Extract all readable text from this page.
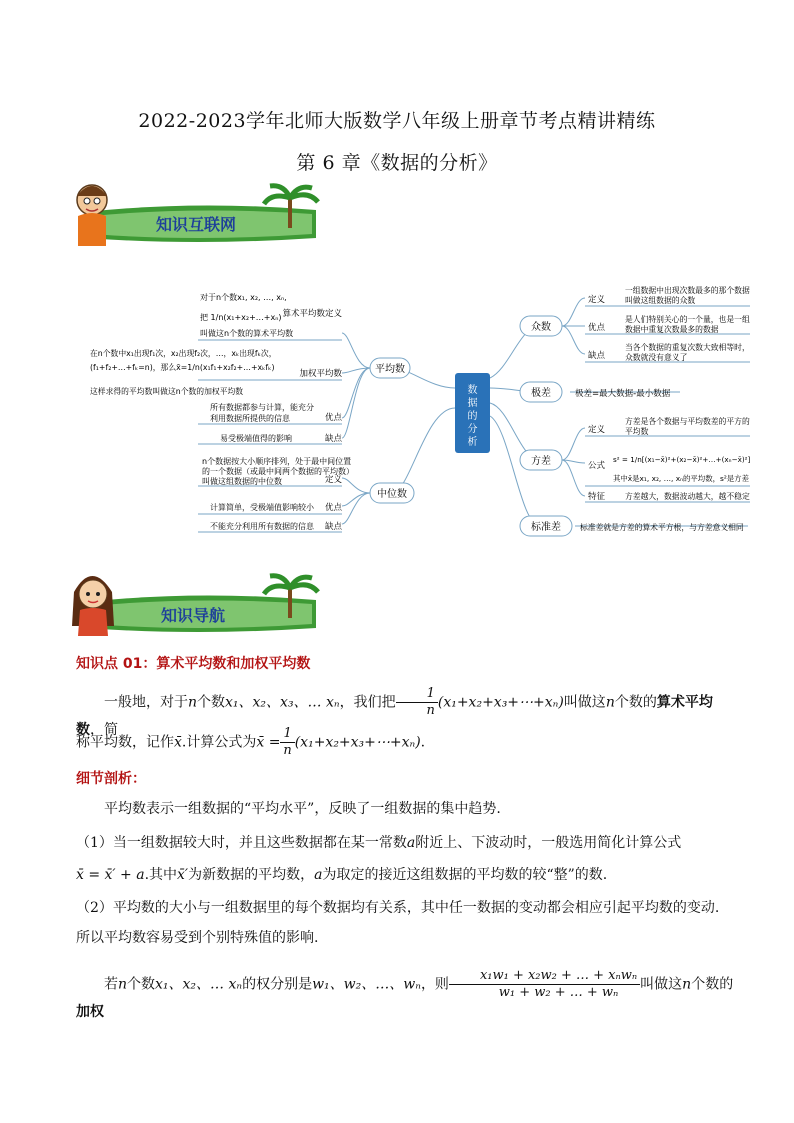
2022-2023学年北师大版数学八年级上册章节考点精讲精练
第 6 章《数据的分析》
知识互联网
数据的分析
平均数
中位数
众数
极差
方差
标准差
算术平均数定义
对于n个数x₁, x₂, …, xₙ,
把 1/n(x₁+x₂+…+xₙ)
叫做这n个数的算术平均数
加权平均数
在n个数中x₁出现f₁次，x₂出现f₂次，…，xₖ出现fₖ次，
(f₁+f₂+…+fₖ=n)，那么x̄=1/n(x₁f₁+x₂f₂+…+xₖfₖ)
这样求得的平均数叫做这n个数的加权平均数
优点
所有数据都参与计算，能充分
利用数据所提供的信息
缺点
易受极端值得的影响
定义
n个数据按大小顺序排列，处于最中间位置
的一个数据（或最中间两个数据的平均数）
叫做这组数据的中位数
优点
计算简单，受极端值影响较小
缺点
不能充分利用所有数据的信息
定义
一组数据中出现次数最多的那个数据
叫做这组数据的众数
优点
是人们特别关心的一个量，也是一组
数据中重复次数最多的数据
缺点
当各个数据的重复次数大致相等时，
众数就没有意义了
极差=最大数据-最小数据
定义
方差是各个数据与平均数差的平方的
平均数
公式
s² = 1/n[(x₁−x̄)²+(x₂−x̄)²+…+(xₙ−x̄)²]
其中x̄是x₁, x₂, …, xₙ的平均数，s²是方差
特征	方差越大，数据波动越大，越不稳定
标准差就是方差的算术平方根，与方差意义相同
知识导航
知识点 01：算术平均数和加权平均数
一般地，对于n个数x₁、x₂、x₃、… xₙ，我们把 $\frac{1}{n}$ (x₁+x₂+x₃+⋯+xₙ)叫做这n个数的算术平均数，简
称平均数，记作x̄.计算公式为x̄ = $\frac{1}{n}$ (x₁+x₂+x₃+⋯+xₙ).
细节剖析：
平均数表示一组数据的“平均水平”，反映了一组数据的集中趋势.
（1）当一组数据较大时，并且这些数据都在某一常数a附近上、下波动时，一般选用简化计算公式
x̄ = x̄′ + a.其中x̄′为新数据的平均数，a为取定的接近这组数据的平均数的较“整”的数.
（2）平均数的大小与一组数据里的每个数据均有关系，其中任一数据的变动都会相应引起平均数的变动.
所以平均数容易受到个别特殊值的影响.
若n个数x₁、x₂、… xₙ的权分别是w₁、w₂、…、wₙ，则 $\frac{\text{x₁w₁ + x₂w₂ + … + xₙwₙ}}{\text{w₁ + w₂ + … + wₙ}}$ 叫做这n个数的加权
